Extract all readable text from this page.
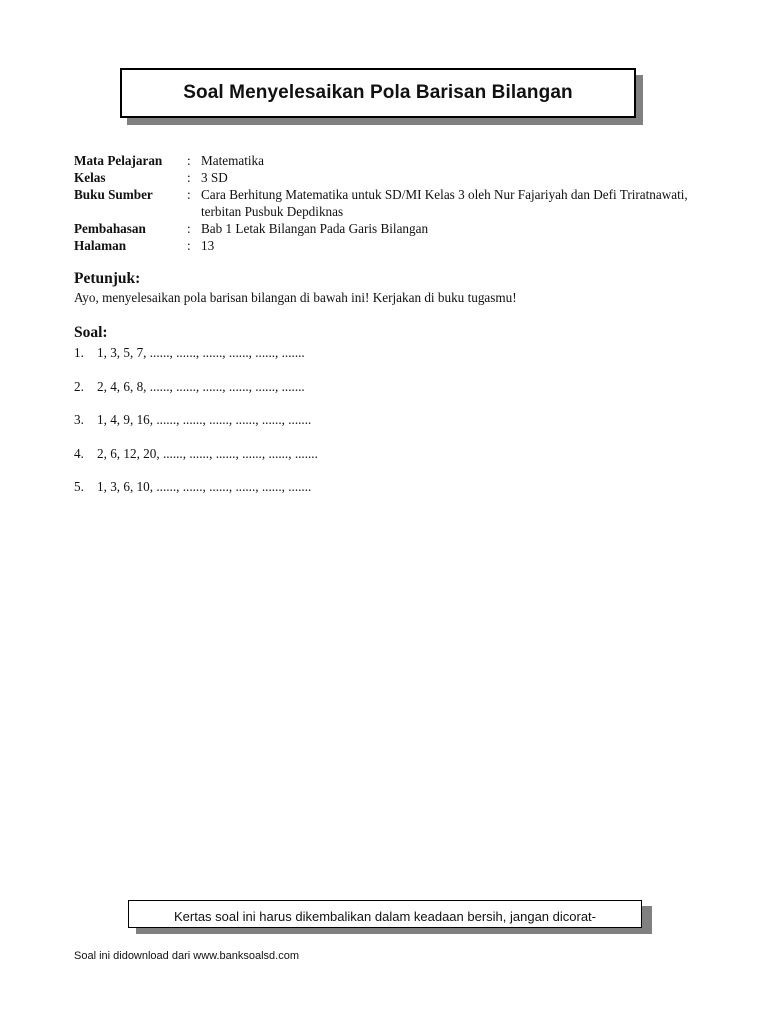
Soal Menyelesaikan Pola Barisan Bilangan
Mata Pelajaran	: Matematika
Kelas	: 3 SD
Buku Sumber	: Cara Berhitung Matematika untuk SD/MI Kelas 3 oleh Nur Fajariyah dan Defi Triratnawati, terbitan Pusbuk Depdiknas
Pembahasan	: Bab 1 Letak Bilangan Pada Garis Bilangan
Halaman	: 13
Petunjuk:
Ayo, menyelesaikan pola barisan bilangan di bawah ini! Kerjakan di buku tugasmu!
Soal:
1. 1, 3, 5, 7, ......, ......, ......, ......, ......, .......
2. 2, 4, 6, 8, ......, ......, ......, ......, ......, .......
3. 1, 4, 9, 16, ......, ......, ......, ......, ......, .......
4. 2, 6, 12, 20, ......, ......, ......, ......, ......, .......
5. 1, 3, 6, 10, ......, ......, ......, ......, ......, .......
Kertas soal ini harus dikembalikan dalam keadaan bersih, jangan dicorat-
Soal ini didownload dari www.banksoalsd.com
